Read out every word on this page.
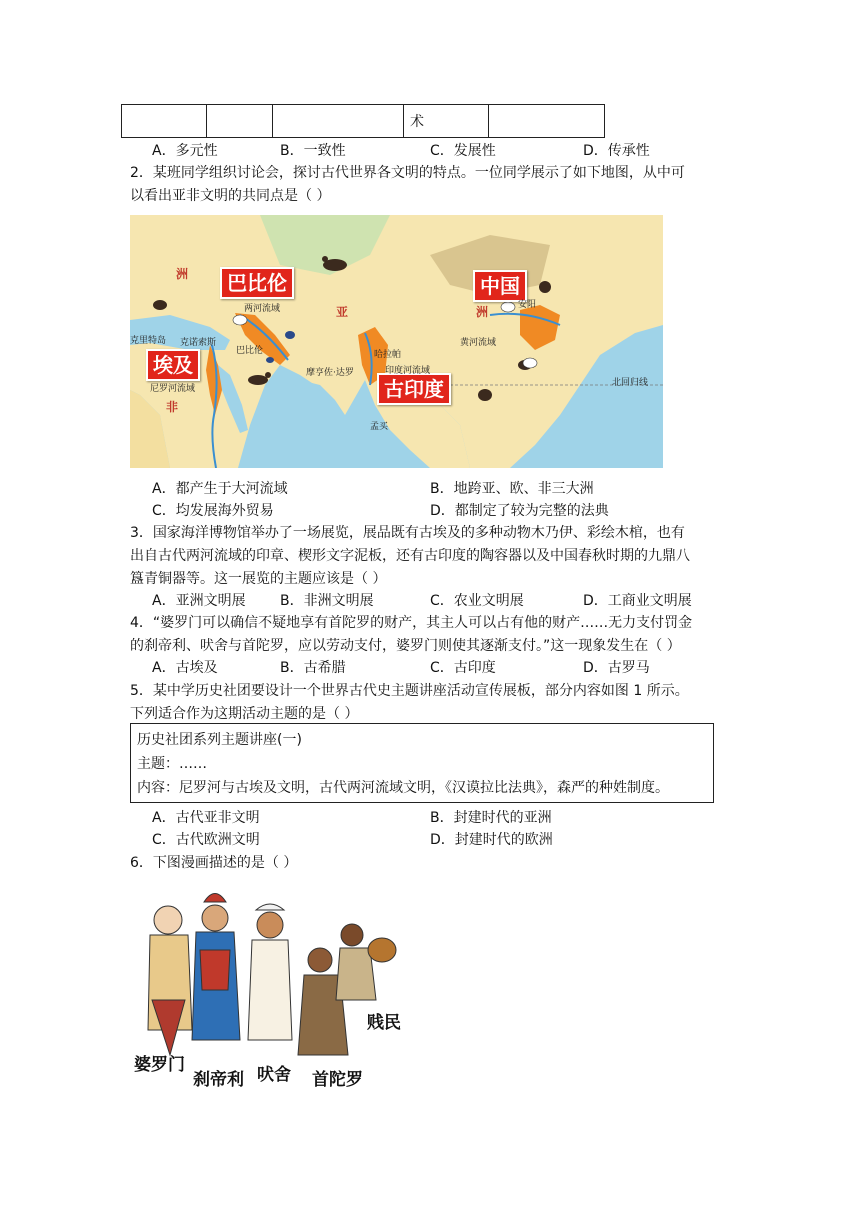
			术	
A．多元性	B．一致性	C．发展性	D．传承性
2．某班同学组织讨论会，探讨古代世界各文明的特点。一位同学展示了如下地图，从中可
以看出亚非文明的共同点是（ ）
巴比伦
埃及
古印度
中国
洲
亚	洲
非
两河流域
克里特岛 克诺索斯
巴比伦
尼罗河流域
哈拉帕
印度河流域
摩亨佐·达罗
黄河流域
安阳
孟买
北回归线
A．都产生于大河流域	B．地跨亚、欧、非三大洲
C．均发展海外贸易	D．都制定了较为完整的法典
3．国家海洋博物馆举办了一场展览，展品既有古埃及的多种动物木乃伊、彩绘木棺，也有
出自古代两河流域的印章、楔形文字泥板，还有古印度的陶容器以及中国春秋时期的九鼎八
簋青铜器等。这一展览的主题应该是（ ）
A．亚洲文明展 B．非洲文明展	C．农业文明展	D．工商业文明展
4．“婆罗门可以确信不疑地享有首陀罗的财产，其主人可以占有他的财产……无力支付罚金
的刹帝利、吠舍与首陀罗，应以劳动支付，婆罗门则使其逐渐支付。”这一现象发生在（ ）
A．古埃及	B．古希腊	C．古印度	D．古罗马
5．某中学历史社团要设计一个世界古代史主题讲座活动宣传展板，部分内容如图 1 所示。
下列适合作为这期活动主题的是（ ）
历史社团系列主题讲座(一)
主题：……
内容：尼罗河与古埃及文明，古代两河流域文明，《汉谟拉比法典》，森严的种姓制度。
A．古代亚非文明	B．封建时代的亚洲
C．古代欧洲文明	D．封建时代的欧洲
6．下图漫画描述的是（ ）
婆罗门
刹帝利 吠舍 首陀罗
贱民
